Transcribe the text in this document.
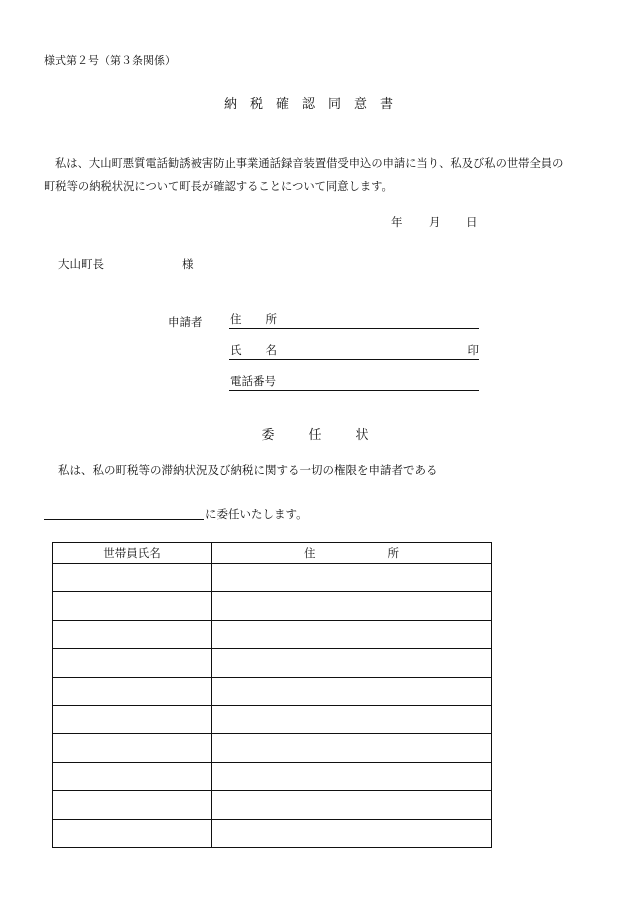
様式第２号（第３条関係）
納税確認同意書
私は、大山町悪質電話勧誘被害防止事業通話録音装置借受申込の申請に当り、私及び私の世帯全員の
町税等の納税状況について町長が確認することについて同意します。
年 月 日
大山町長	様
申請者 住 所
氏 名	印
電話番号
委任状
私は、私の町税等の滞納状況及び納税に関する一切の権限を申請者である
に委任いたします。
世帯員氏名	住 所
